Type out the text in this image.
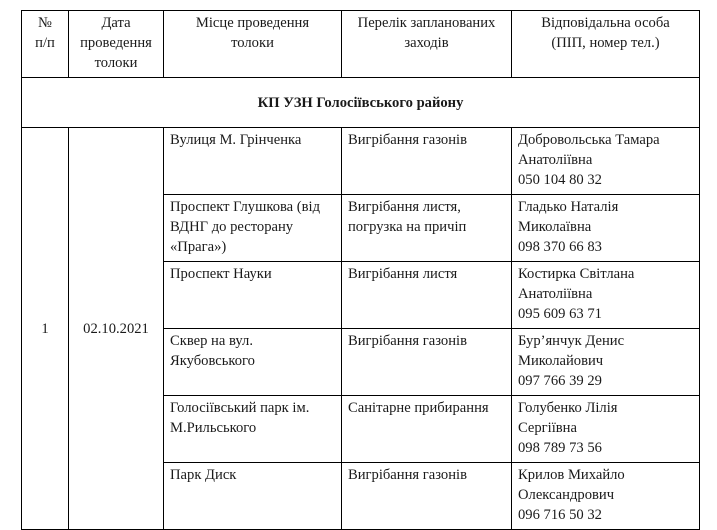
№
п/п	Дата
проведення
толоки	Місце проведення
толоки	Перелік запланованих
заходів	Відповідальна особа
(ПІП, номер тел.)

КП УЗН Голосіївського району				
1	02.10.2021	Вулиця М. Грінченка	Вигрібання газонів	Добровольська Тамара
Анатоліївна
050 104 80 32

		Проспект Глушкова (від
ВДНГ до ресторану
«Прага»)	Вигрібання листя,
погрузка на причіп	Гладько Наталія
Миколаївна
098 370 66 83

		Проспект Науки	Вигрібання листя	Костирка Світлана
Анатоліївна
095 609 63 71

		Сквер на вул.
Якубовського	Вигрібання газонів	Бур’янчук Денис
Миколайович
097 766 39 29

		Голосіївський парк ім.
М.Рильського	Санітарне прибирання	Голубенко Лілія
Сергіївна
098 789 73 56

		Парк Диск	Вигрібання газонів	Крилов Михайло
Олександрович
096 716 50 32
